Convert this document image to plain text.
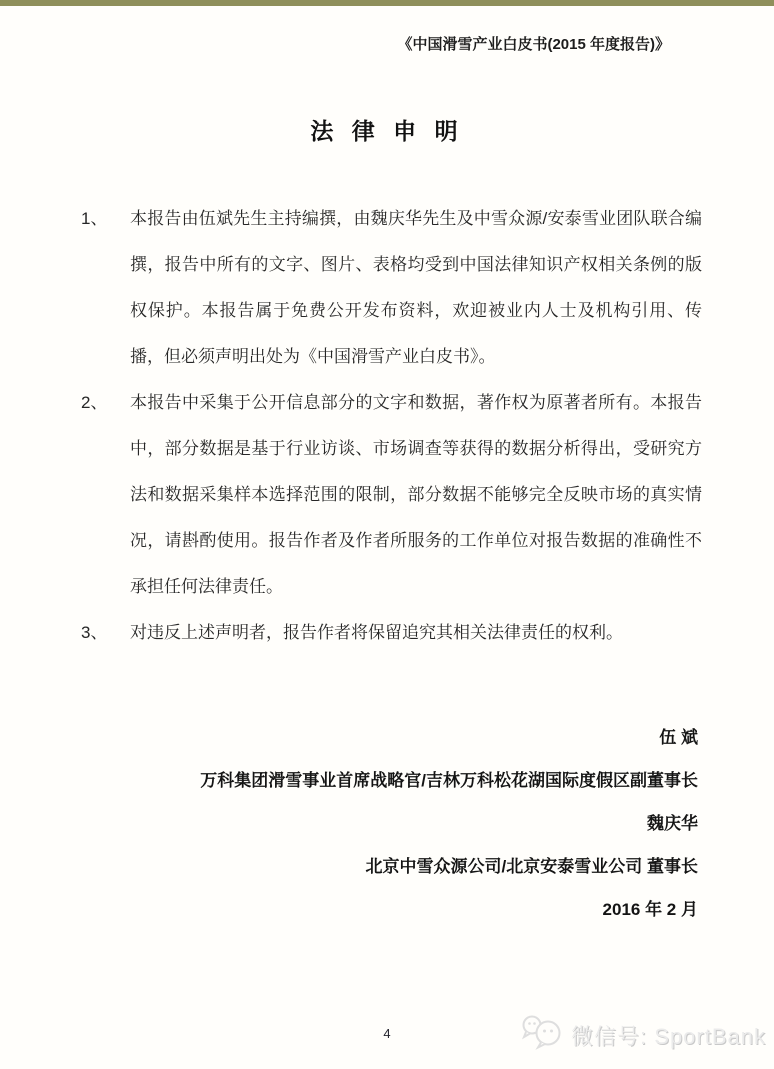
《中国滑雪产业白皮书(2015 年度报告)》
法 律 申 明
1、 本报告由伍斌先生主持编撰，由魏庆华先生及中雪众源/安泰雪业团队联合编撰，报告中所有的文字、图片、表格均受到中国法律知识产权相关条例的版权保护。本报告属于免费公开发布资料，欢迎被业内人士及机构引用、传播，但必须声明出处为《中国滑雪产业白皮书》。
2、 本报告中采集于公开信息部分的文字和数据，著作权为原著者所有。本报告中，部分数据是基于行业访谈、市场调查等获得的数据分析得出，受研究方法和数据采集样本选择范围的限制，部分数据不能够完全反映市场的真实情况，请斟酌使用。报告作者及作者所服务的工作单位对报告数据的准确性不承担任何法律责任。
3、 对违反上述声明者，报告作者将保留追究其相关法律责任的权利。
伍 斌
万科集团滑雪事业首席战略官/吉林万科松花湖国际度假区副董事长
魏庆华
北京中雪众源公司/北京安泰雪业公司 董事长
2016 年 2 月
4	微信号: SportBank
